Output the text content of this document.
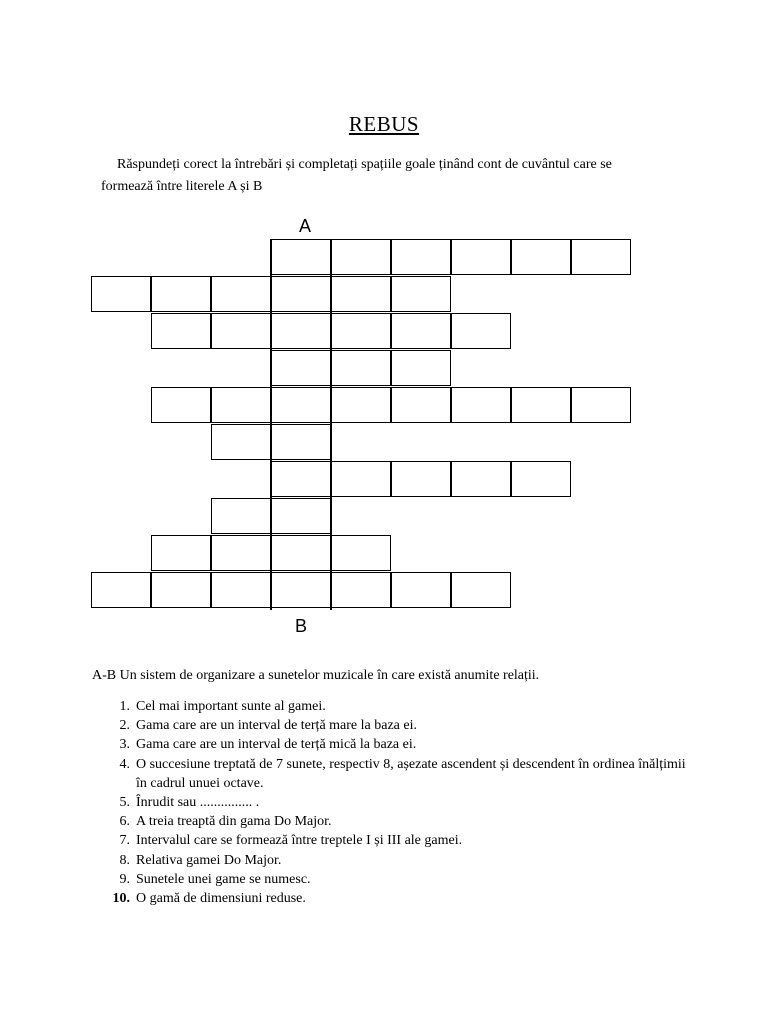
REBUS
Răspundeți corect la întrebări și completați spațiile goale ținând cont de cuvântul care se formează între literele A și B
A
B
A-B Un sistem de organizare a sunetelor muzicale în care există anumite relații.
1. Cel mai important sunte al gamei.
2. Gama care are un interval de terță mare la baza ei.
3. Gama care are un interval de terță mică la baza ei.
4. O succesiune treptată de 7 sunete, respectiv 8, așezate ascendent și descendent în ordinea înălțimii în cadrul unuei octave.
5. Înrudit sau ............... .
6. A treia treaptă din gama Do Major.
7. Intervalul care se formează între treptele I și III ale gamei.
8. Relativa gamei Do Major.
9. Sunetele unei game se numesc.
10. O gamă de dimensiuni reduse.
